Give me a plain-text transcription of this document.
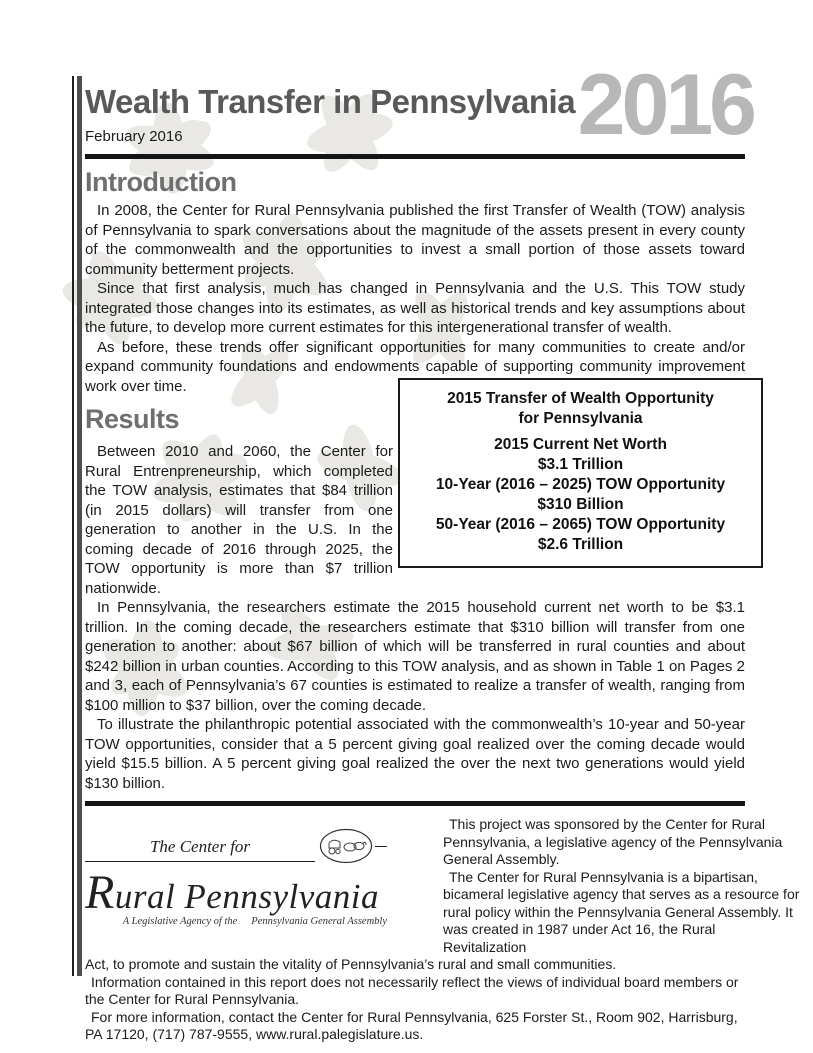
2016
Wealth Transfer in Pennsylvania
February 2016
Introduction

In 2008, the Center for Rural Pennsylvania published the first Transfer of Wealth (TOW) analysis of Pennsylvania to spark conversations about the magnitude of the assets present in every county of the commonwealth and the opportunities to invest a small portion of those assets toward community betterment projects.

Since that first analysis, much has changed in Pennsylvania and the U.S. This TOW study integrated those changes into its estimates, as well as historical trends and key assumptions about the future, to develop more current estimates for this intergenerational transfer of wealth.

As before, these trends offer significant opportunities for many communities to create and/or expand community foundations and endowments capable of supporting community improvement work over time.

2015 Transfer of Wealth Opportunity
for Pennsylvania
2015 Current Net Worth
$3.1 Trillion
10-Year (2016 – 2025) TOW Opportunity
$310 Billion
50-Year (2016 – 2065) TOW Opportunity
$2.6 Trillion
Results

Between 2010 and 2060, the Center for Rural Entrenpreneurship, which completed the TOW analysis, estimates that $84 trillion (in 2015 dollars) will transfer from one generation to another in the U.S. In the coming decade of 2016 through 2025, the TOW opportunity is more than $7 trillion nationwide.

In Pennsylvania, the researchers estimate the 2015 household current net worth to be $3.1 trillion. In the coming decade, the researchers estimate that $310 billion will transfer from one generation to another: about $67 billion of which will be transferred in rural counties and about $242 billion in urban counties. According to this TOW analysis, and as shown in Table 1 on Pages 2 and 3, each of Pennsylvania’s 67 counties is estimated to realize a transfer of wealth, ranging from $100 million to $37 billion, over the coming decade.

To illustrate the philanthropic potential associated with the commonwealth’s 10-year and 50-year TOW opportunities, consider that a 5 percent giving goal realized over the coming decade would yield $15.5 billion. A 5 percent giving goal realized the over the next two generations would yield $130 billion.

The Center for
Rural Pennsylvania
A Legislative Agency of the Pennsylvania General Assembly

This project was sponsored by the Center for Rural Pennsylvania, a legislative agency of the Pennsylvania General Assembly.

The Center for Rural Pennsylvania is a bipartisan, bicameral legislative agency that serves as a resource for rural policy within the Pennsylvania General Assembly. It was created in 1987 under Act 16, the Rural Revitalization

Act, to promote and sustain the vitality of Pennsylvania’s rural and small communities.

Information contained in this report does not necessarily reflect the views of individual board members or the Center for Rural Pennsylvania.

For more information, contact the Center for Rural Pennsylvania, 625 Forster St., Room 902, Harrisburg, PA 17120, (717) 787-9555, www.rural.palegislature.us.
